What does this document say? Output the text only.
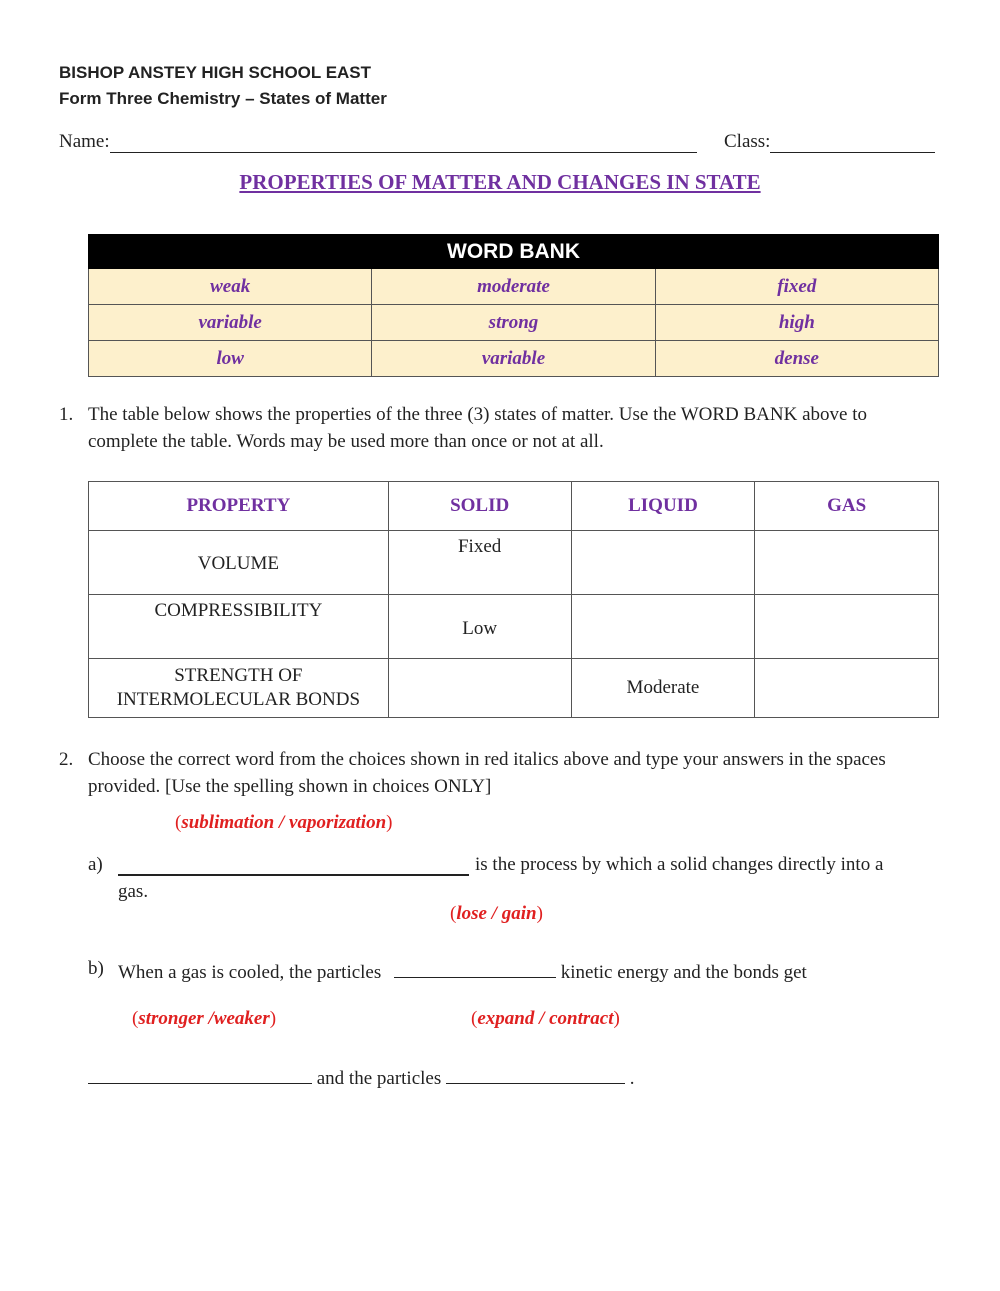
BISHOP ANSTEY HIGH SCHOOL EAST
Form Three Chemistry – States of Matter
Name:	Class:
PROPERTIES OF MATTER AND CHANGES IN STATE
WORD BANK		
weak	moderate	fixed
variable	strong	high
low	variable	dense
1. The table below shows the properties of the three (3) states of matter. Use the WORD BANK above to complete the table. Words may be used more than once or not at all.
PROPERTY	SOLID	LIQUID	GAS
VOLUME	Fixed		
COMPRESSIBILITY	Low		

STRENGTH OF
INTERMOLECULAR BONDS		Moderate	
2. Choose the correct word from the choices shown in red italics above and type your answers in the spaces provided. [Use the spelling shown in choices ONLY]
(sublimation / vaporization)
a)	is the process by which a solid changes directly into a
gas.
(lose / gain)
b) When a gas is cooled, the particles	kinetic energy and the bonds get
(stronger /weaker)	(expand / contract)
and the particles	.
